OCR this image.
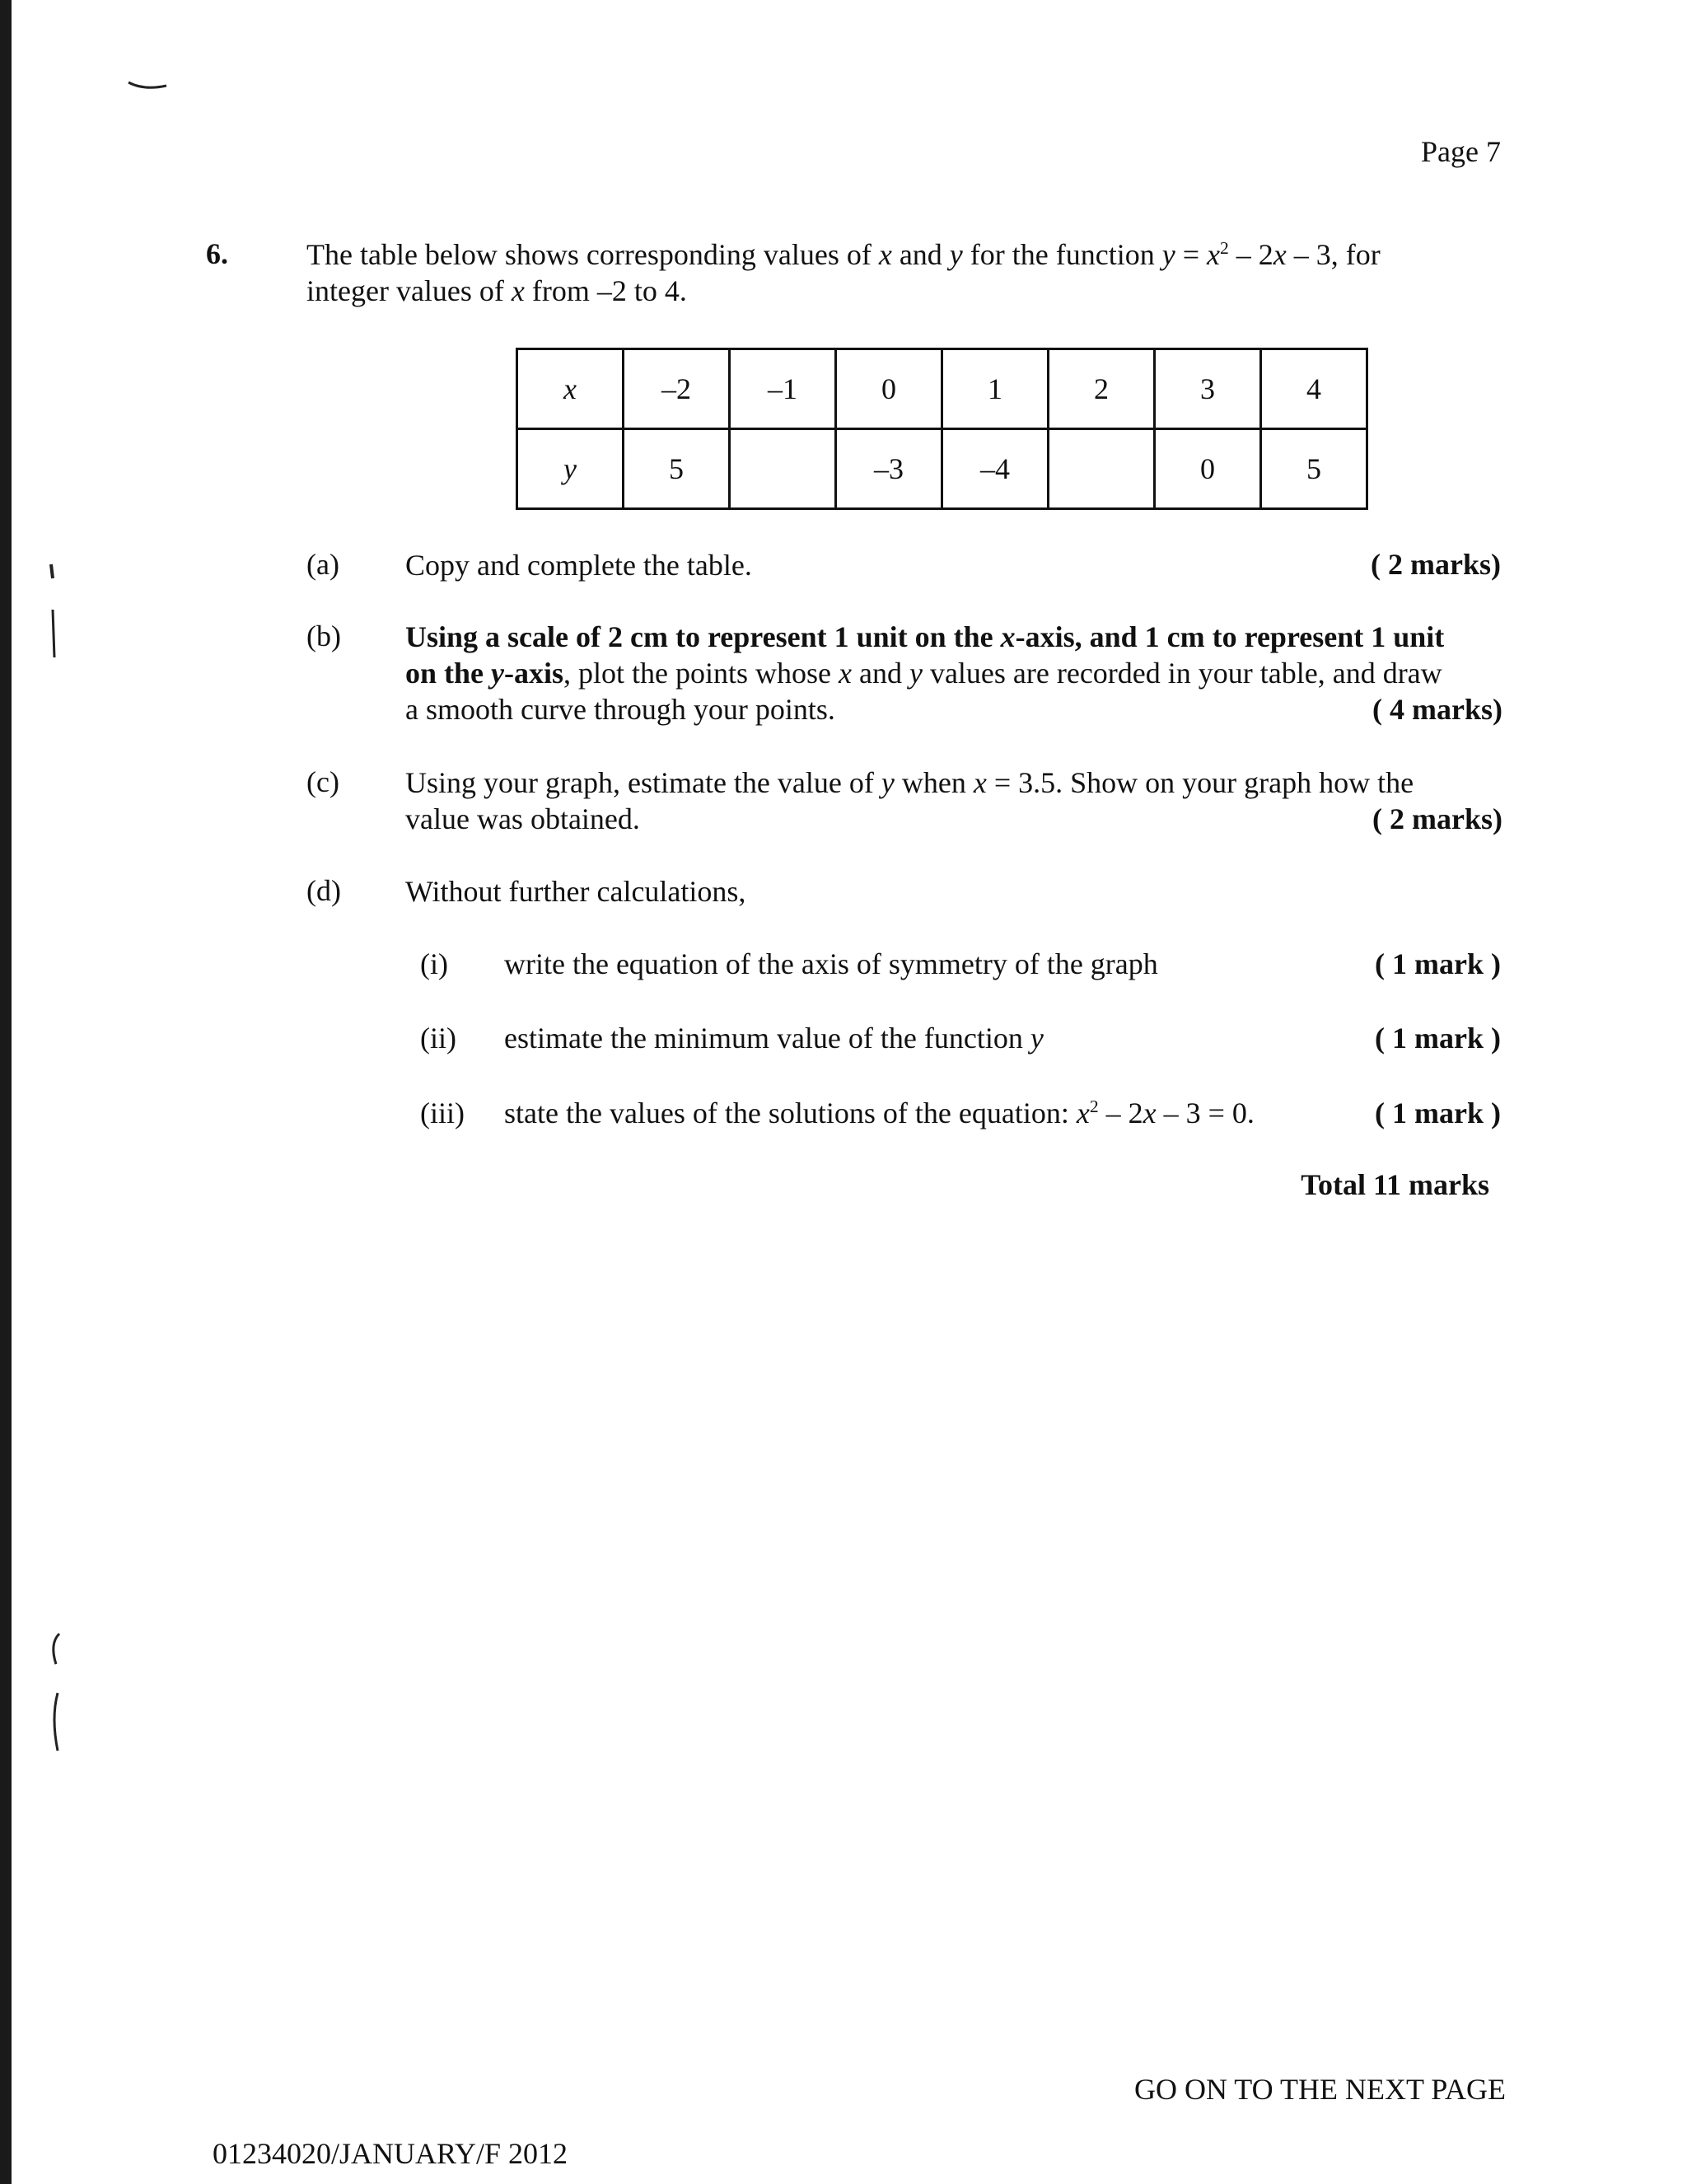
Page 7
6.	The table below shows corresponding values of x and y for the function $y = x^2 - 2x - 3$, for
integer values of x from –2 to 4.
x	–2	–1	0	1	2	3	4
y	5		–3	–4		0	5
(a) Copy and complete the table.	( 2 marks)
(b) Using a scale of 2 cm to represent 1 unit on the x-axis, and 1 cm to represent 1 unit
on the y-axis, plot the points whose x and y values are recorded in your table, and draw
a smooth curve through your points.	( 4 marks)
(c) Using your graph, estimate the value of y when x = 3.5. Show on your graph how the
value was obtained.	( 2 marks)
(d) Without further calculations,
(i) write the equation of the axis of symmetry of the graph	( 1 mark )
(ii) estimate the minimum value of the function y	( 1 mark )
(iii) state the values of the solutions of the equation: $x^2 - 2x - 3 = 0$.	( 1 mark )
Total 11 marks
GO ON TO THE NEXT PAGE
01234020/JANUARY/F 2012
